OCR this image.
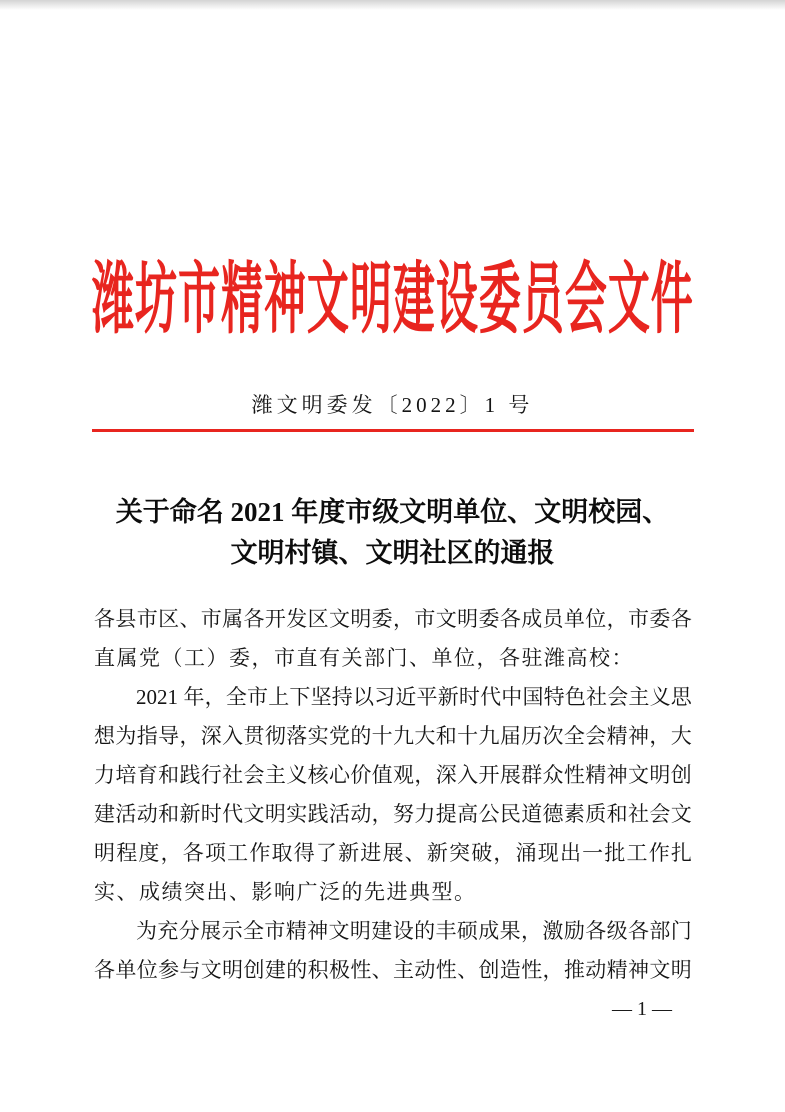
潍 坊 市 精 神 文 明 建 设 委 员 会 文 件
潍文明委发〔2022〕1 号
关于命名 2021 年度市级文明单位、文明校园、
文明村镇、文明社区的通报
各 县 市 区 、 市 属 各 开 发 区 文 明 委 ， 市 文 明 委 各 成 员 单 位 ， 市 委 各
直属党（工）委，市直有关部门、单位，各驻潍高校：
2021 年 ， 全 市 上 下 坚 持 以 习 近 平 新 时 代 中 国 特 色 社 会 主 义 思
想 为 指 导 ， 深 入 贯 彻 落 实 党 的 十 九 大 和 十 九 届 历 次 全 会 精 神 ， 大
力 培 育 和 践 行 社 会 主 义 核 心 价 值 观 ， 深 入 开 展 群 众 性 精 神 文 明 创
建 活 动 和 新 时 代 文 明 实 践 活 动 ， 努 力 提 高 公 民 道 德 素 质 和 社 会 文
明 程 度 ， 各 项 工 作 取 得 了 新 进 展 、 新 突 破 ， 涌 现 出 一 批 工 作 扎
实、成绩突出、影响广泛的先进典型。
为 充 分 展 示 全 市 精 神 文 明 建 设 的 丰 硕 成 果 ， 激 励 各 级 各 部 门
各 单 位 参 与 文 明 创 建 的 积 极 性 、 主 动 性 、 创 造 性 ， 推 动 精 神 文 明
— 1 —
